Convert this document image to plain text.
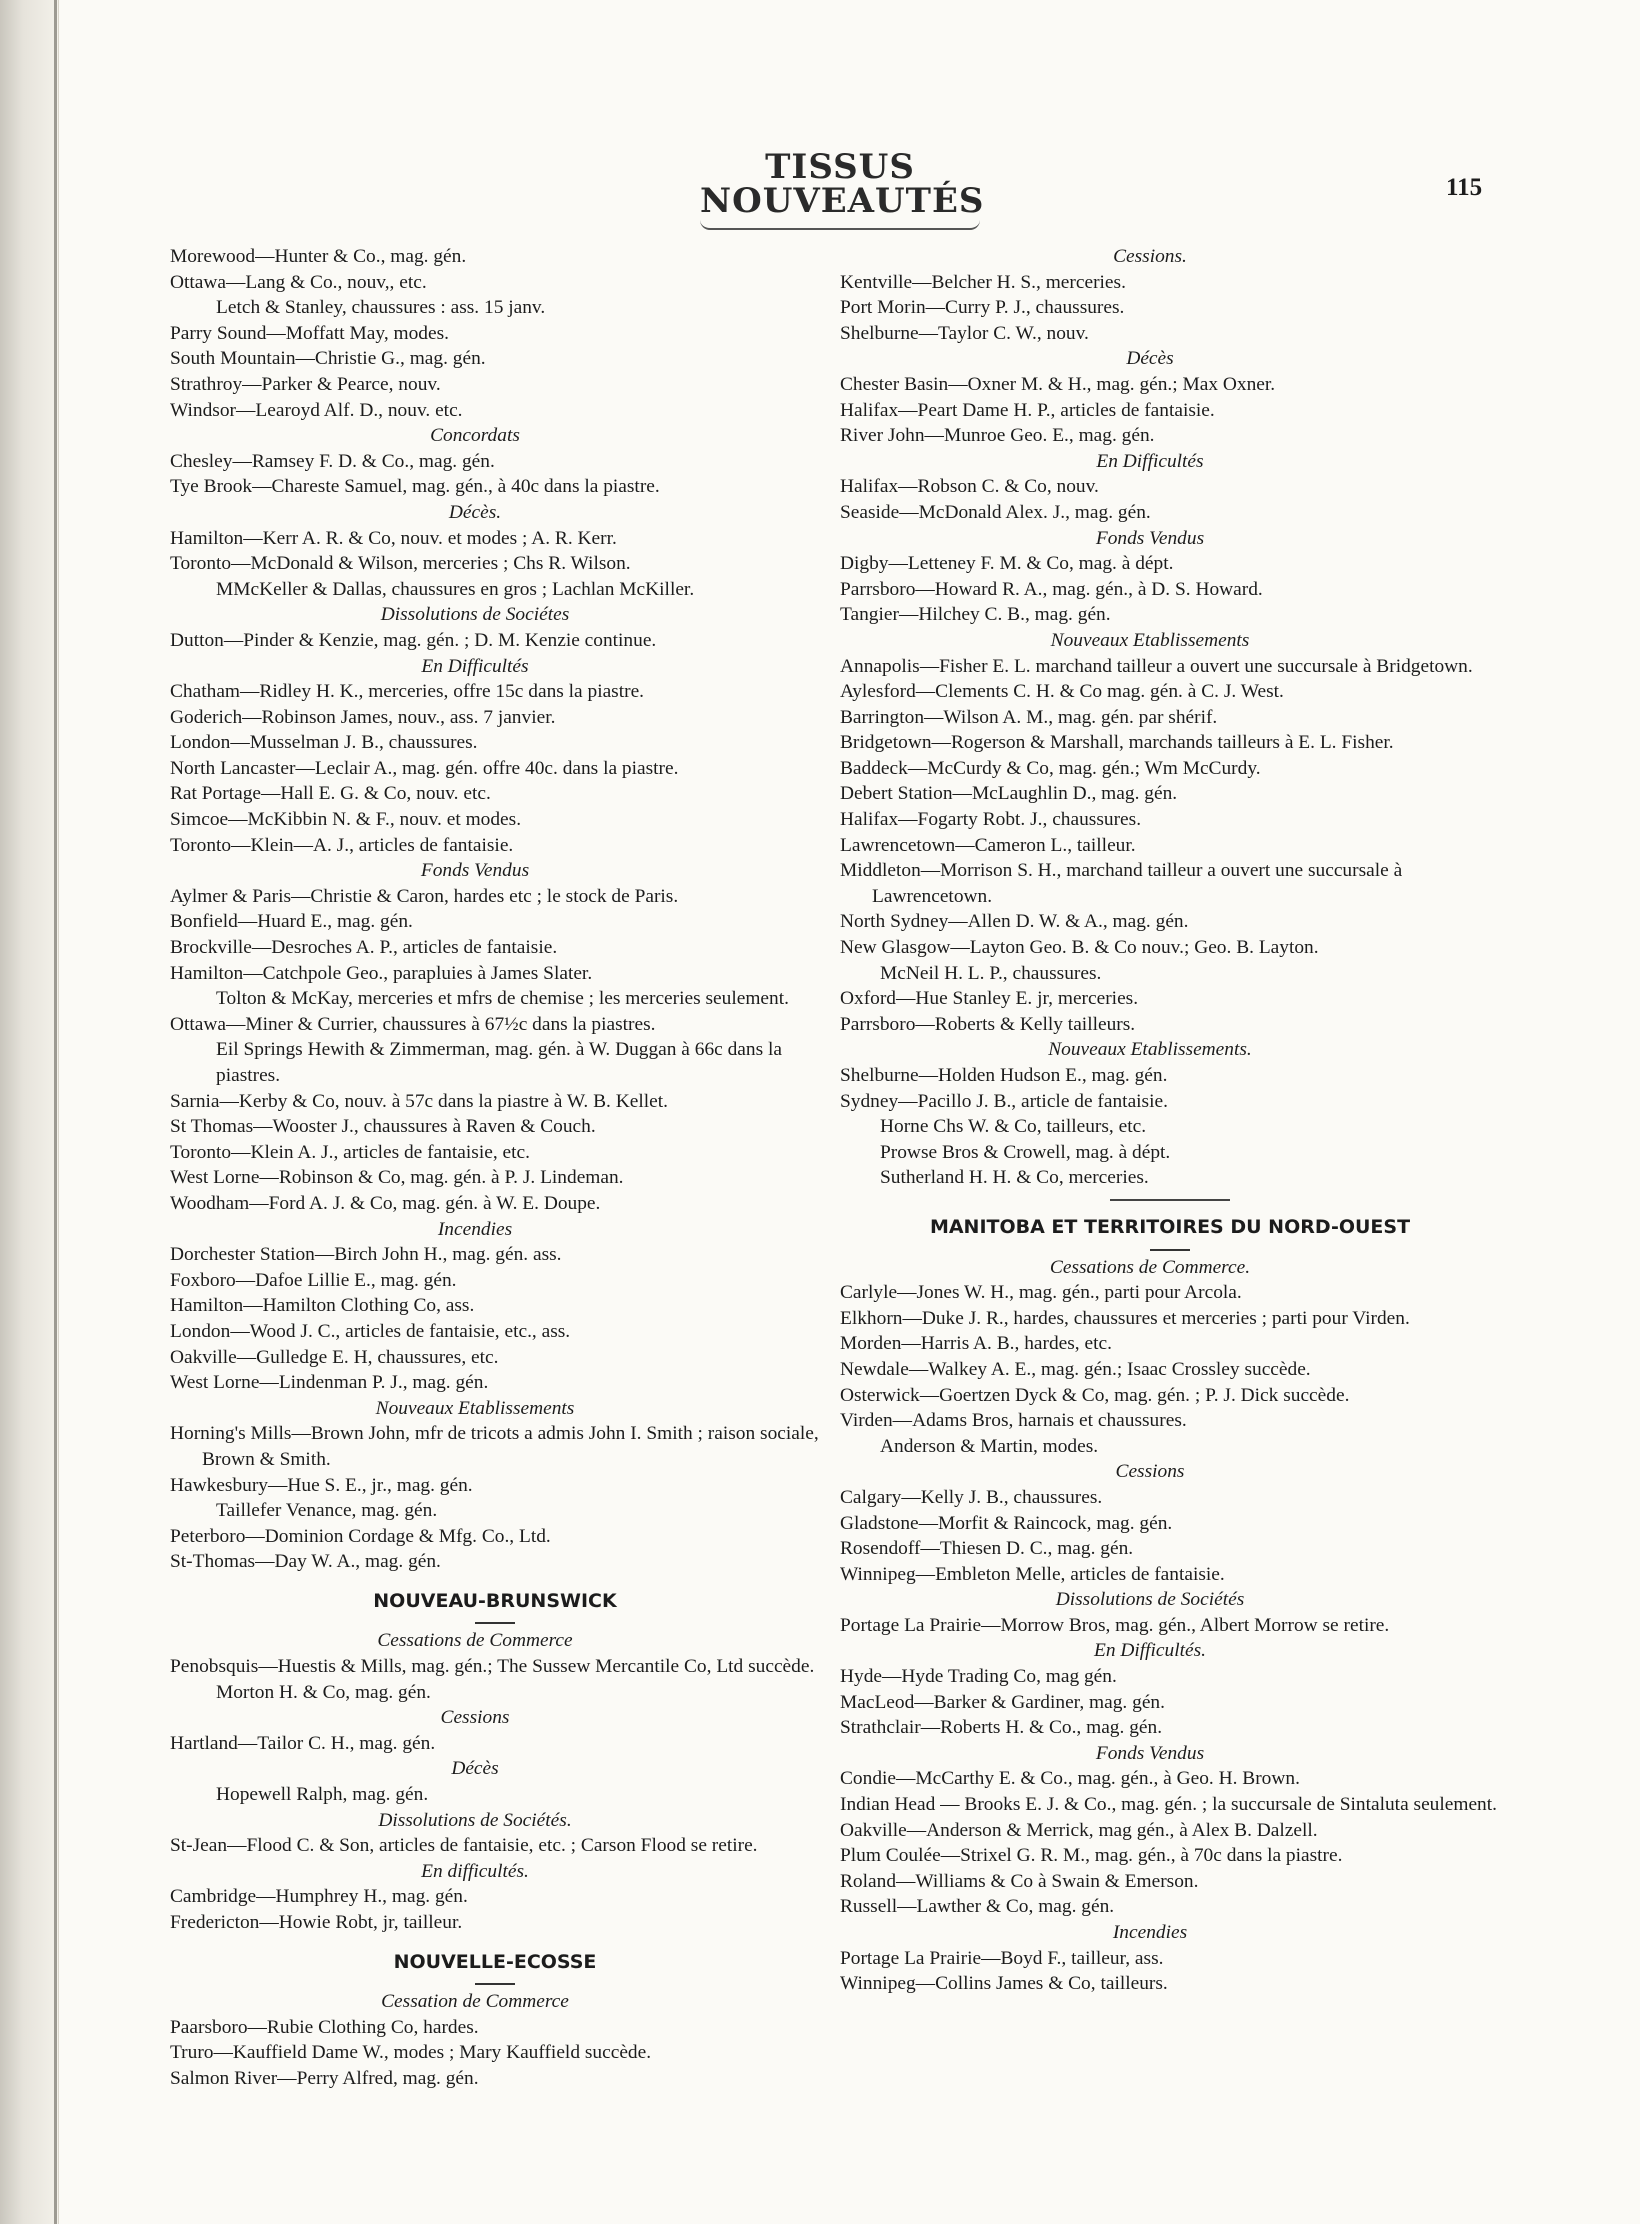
TISSUS
NOUVEAUTÉS	115
Morewood—Hunter & Co., mag. gén.
Ottawa—Lang & Co., nouv,, etc.
Letch & Stanley, chaussures : ass. 15 janv.
Parry Sound—Moffatt May, modes.
South Mountain—Christie G., mag. gén.
Strathroy—Parker & Pearce, nouv.
Windsor—Learoyd Alf. D., nouv. etc.
Concordats
Chesley—Ramsey F. D. & Co., mag. gén.
Tye Brook—Chareste Samuel, mag. gén., à 40c dans la piastre.
Décès.
Hamilton—Kerr A. R. & Co, nouv. et modes ; A. R. Kerr.
Toronto—McDonald & Wilson, merceries ; Chs R. Wilson.
MMcKeller & Dallas, chaussures en gros ; Lachlan McKiller.
Dissolutions de Sociétes
Dutton—Pinder & Kenzie, mag. gén. ; D. M. Kenzie continue.
En Difficultés
Chatham—Ridley H. K., merceries, offre 15c dans la piastre.
Goderich—Robinson James, nouv., ass. 7 janvier.
London—Musselman J. B., chaussures.
North Lancaster—Leclair A., mag. gén. offre 40c. dans la piastre.
Rat Portage—Hall E. G. & Co, nouv. etc.
Simcoe—McKibbin N. & F., nouv. et modes.
Toronto—Klein—A. J., articles de fantaisie.
Fonds Vendus
Aylmer & Paris—Christie & Caron, hardes etc ; le stock de Paris.
Bonfield—Huard E., mag. gén.
Brockville—Desroches A. P., articles de fantaisie.
Hamilton—Catchpole Geo., parapluies à James Slater.
Tolton & McKay, merceries et mfrs de chemise ; les merceries seulement.
Ottawa—Miner & Currier, chaussures à 67½c dans la piastres.
Eil Springs Hewith & Zimmerman, mag. gén. à W. Duggan à 66c dans la piastres.
Sarnia—Kerby & Co, nouv. à 57c dans la piastre à W. B. Kellet.
St Thomas—Wooster J., chaussures à Raven & Couch.
Toronto—Klein A. J., articles de fantaisie, etc.
West Lorne—Robinson & Co, mag. gén. à P. J. Lindeman.
Woodham—Ford A. J. & Co, mag. gén. à W. E. Doupe.
Incendies
Dorchester Station—Birch John H., mag. gén. ass.
Foxboro—Dafoe Lillie E., mag. gén.
Hamilton—Hamilton Clothing Co, ass.
London—Wood J. C., articles de fantaisie, etc., ass.
Oakville—Gulledge E. H, chaussures, etc.
West Lorne—Lindenman P. J., mag. gén.
Nouveaux Etablissements
Horning's Mills—Brown John, mfr de tricots a admis John I. Smith ; raison sociale, Brown & Smith.
Hawkesbury—Hue S. E., jr., mag. gén.
Taillefer Venance, mag. gén.
Peterboro—Dominion Cordage & Mfg. Co., Ltd.
St-Thomas—Day W. A., mag. gén.
NOUVEAU-BRUNSWICK
Cessations de Commerce
Penobsquis—Huestis & Mills, mag. gén.; The Sussew Mercantile Co, Ltd succède.
Morton H. & Co, mag. gén.
Cessions
Hartland—Tailor C. H., mag. gén.
Décès
Hopewell Ralph, mag. gén.
Dissolutions de Sociétés.
St-Jean—Flood C. & Son, articles de fantaisie, etc. ; Carson Flood se retire.
En difficultés.
Cambridge—Humphrey H., mag. gén.
Fredericton—Howie Robt, jr, tailleur.
NOUVELLE-ECOSSE
Cessation de Commerce
Paarsboro—Rubie Clothing Co, hardes.
Truro—Kauffield Dame W., modes ; Mary Kauffield succède.
Salmon River—Perry Alfred, mag. gén.
Cessions.
Kentville—Belcher H. S., merceries.
Port Morin—Curry P. J., chaussures.
Shelburne—Taylor C. W., nouv.
Décès
Chester Basin—Oxner M. & H., mag. gén.; Max Oxner.
Halifax—Peart Dame H. P., articles de fantaisie.
River John—Munroe Geo. E., mag. gén.
En Difficultés
Halifax—Robson C. & Co, nouv.
Seaside—McDonald Alex. J., mag. gén.
Fonds Vendus
Digby—Letteney F. M. & Co, mag. à dépt.
Parrsboro—Howard R. A., mag. gén., à D. S. Howard.
Tangier—Hilchey C. B., mag. gén.
Nouveaux Etablissements
Annapolis—Fisher E. L. marchand tailleur a ouvert une succursale à Bridgetown.
Aylesford—Clements C. H. & Co mag. gén. à C. J. West.
Barrington—Wilson A. M., mag. gén. par shérif.
Bridgetown—Rogerson & Marshall, marchands tailleurs à E. L. Fisher.
Baddeck—McCurdy & Co, mag. gén.; Wm McCurdy.
Debert Station—McLaughlin D., mag. gén.
Halifax—Fogarty Robt. J., chaussures.
Lawrencetown—Cameron L., tailleur.
Middleton—Morrison S. H., marchand tailleur a ouvert une succursale à Lawrencetown.
North Sydney—Allen D. W. & A., mag. gén.
New Glasgow—Layton Geo. B. & Co nouv.; Geo. B. Layton.
McNeil H. L. P., chaussures.
Oxford—Hue Stanley E. jr, merceries.
Parrsboro—Roberts & Kelly tailleurs.
Nouveaux Etablissements.
Shelburne—Holden Hudson E., mag. gén.
Sydney—Pacillo J. B., article de fantaisie.
Horne Chs W. & Co, tailleurs, etc.
Prowse Bros & Crowell, mag. à dépt.
Sutherland H. H. & Co, merceries.
MANITOBA ET TERRITOIRES DU NORD-OUEST
Cessations de Commerce.
Carlyle—Jones W. H., mag. gén., parti pour Arcola.
Elkhorn—Duke J. R., hardes, chaussures et merceries ; parti pour Virden.
Morden—Harris A. B., hardes, etc.
Newdale—Walkey A. E., mag. gén.; Isaac Crossley succède.
Osterwick—Goertzen Dyck & Co, mag. gén. ; P. J. Dick succède.
Virden—Adams Bros, harnais et chaussures.
Anderson & Martin, modes.
Cessions
Calgary—Kelly J. B., chaussures.
Gladstone—Morfit & Raincock, mag. gén.
Rosendoff—Thiesen D. C., mag. gén.
Winnipeg—Embleton Melle, articles de fantaisie.
Dissolutions de Sociétés
Portage La Prairie—Morrow Bros, mag. gén., Albert Morrow se retire.
En Difficultés.
Hyde—Hyde Trading Co, mag gén.
MacLeod—Barker & Gardiner, mag. gén.
Strathclair—Roberts H. & Co., mag. gén.
Fonds Vendus
Condie—McCarthy E. & Co., mag. gén., à Geo. H. Brown.
Indian Head — Brooks E. J. & Co., mag. gén. ; la succursale de Sintaluta seulement.
Oakville—Anderson & Merrick, mag gén., à Alex B. Dalzell.
Plum Coulée—Strixel G. R. M., mag. gén., à 70c dans la piastre.
Roland—Williams & Co à Swain & Emerson.
Russell—Lawther & Co, mag. gén.
Incendies
Portage La Prairie—Boyd F., tailleur, ass.
Winnipeg—Collins James & Co, tailleurs.
